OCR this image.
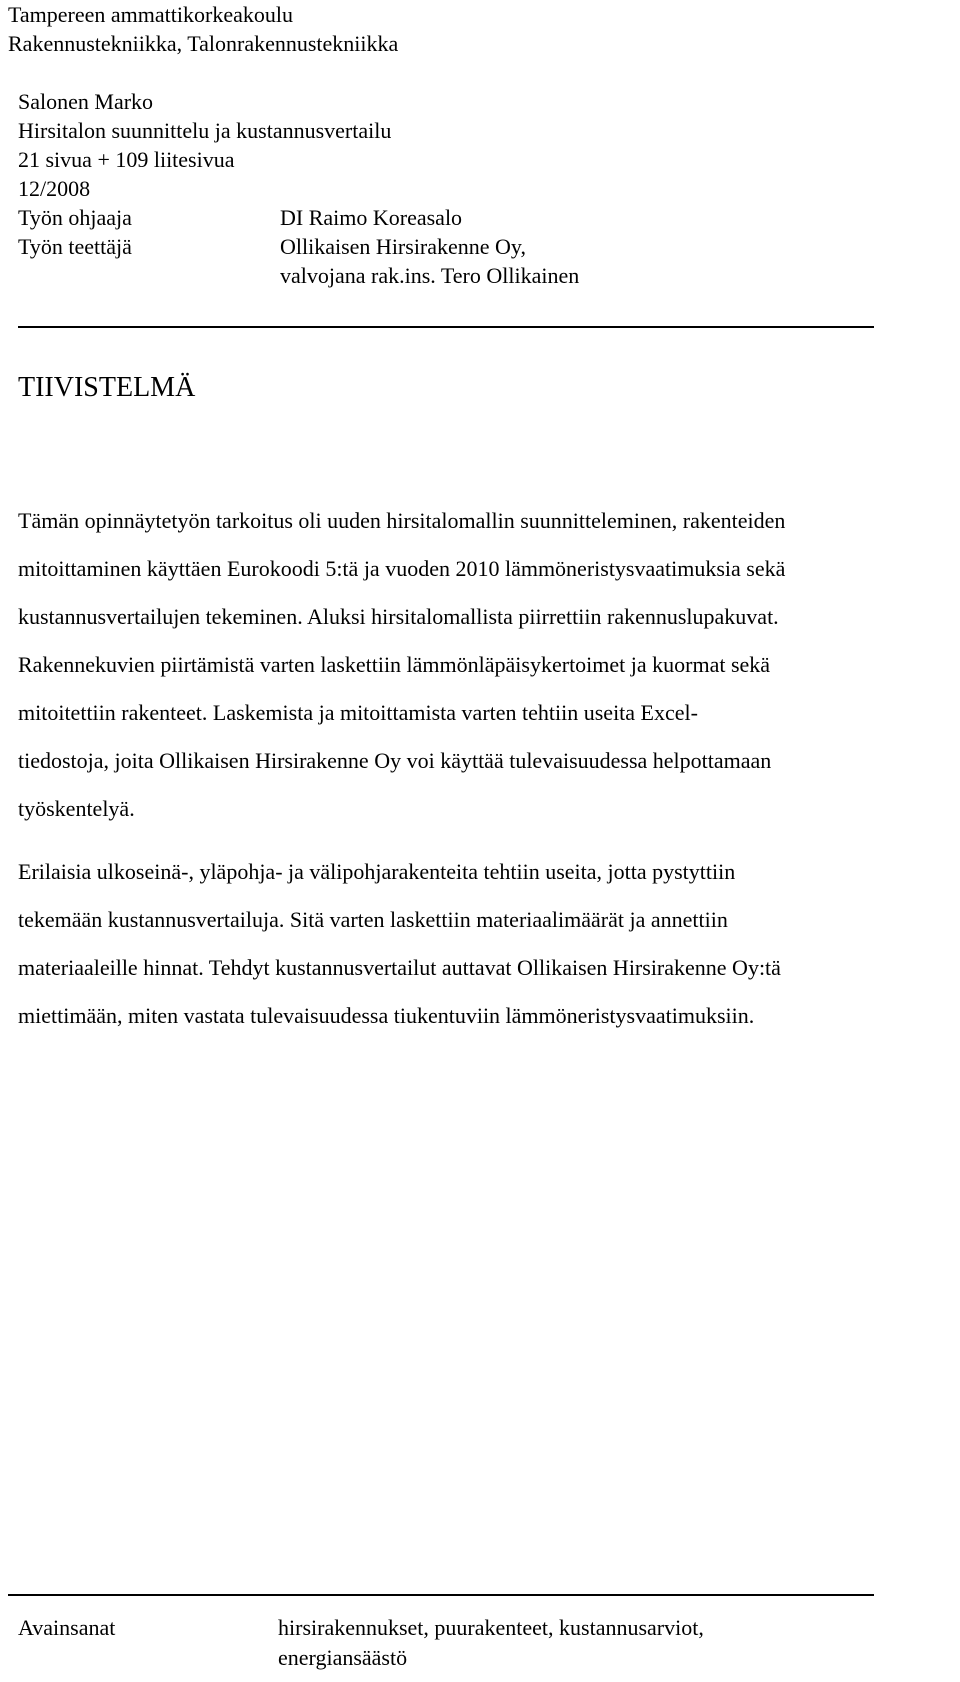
Tampereen ammattikorkeakoulu
Rakennustekniikka, Talonrakennustekniikka
Salonen Marko
Hirsitalon suunnittelu ja kustannusvertailu
21 sivua + 109 liitesivua
12/2008
Työn ohjaaja	DI Raimo Koreasalo
Työn teettäjä	Ollikaisen Hirsirakenne Oy,
valvojana rak.ins. Tero Ollikainen
TIIVISTELMÄ
Tämän opinnäytetyön tarkoitus oli uuden hirsitalomallin suunnitteleminen, rakenteiden
mitoittaminen käyttäen Eurokoodi 5:tä ja vuoden 2010 lämmöneristysvaatimuksia sekä
kustannusvertailujen tekeminen. Aluksi hirsitalomallista piirrettiin rakennuslupakuvat.
Rakennekuvien piirtämistä varten laskettiin lämmönläpäisykertoimet ja kuormat sekä
mitoitettiin rakenteet. Laskemista ja mitoittamista varten tehtiin useita Excel-
tiedostoja, joita Ollikaisen Hirsirakenne Oy voi käyttää tulevaisuudessa helpottamaan
työskentelyä.
Erilaisia ulkoseinä-, yläpohja- ja välipohjarakenteita tehtiin useita, jotta pystyttiin
tekemään kustannusvertailuja. Sitä varten laskettiin materiaalimäärät ja annettiin
materiaaleille hinnat. Tehdyt kustannusvertailut auttavat Ollikaisen Hirsirakenne Oy:tä
miettimään, miten vastata tulevaisuudessa tiukentuviin lämmöneristysvaatimuksiin.
Avainsanat	hirsirakennukset, puurakenteet, kustannusarviot,
energiansäästö
